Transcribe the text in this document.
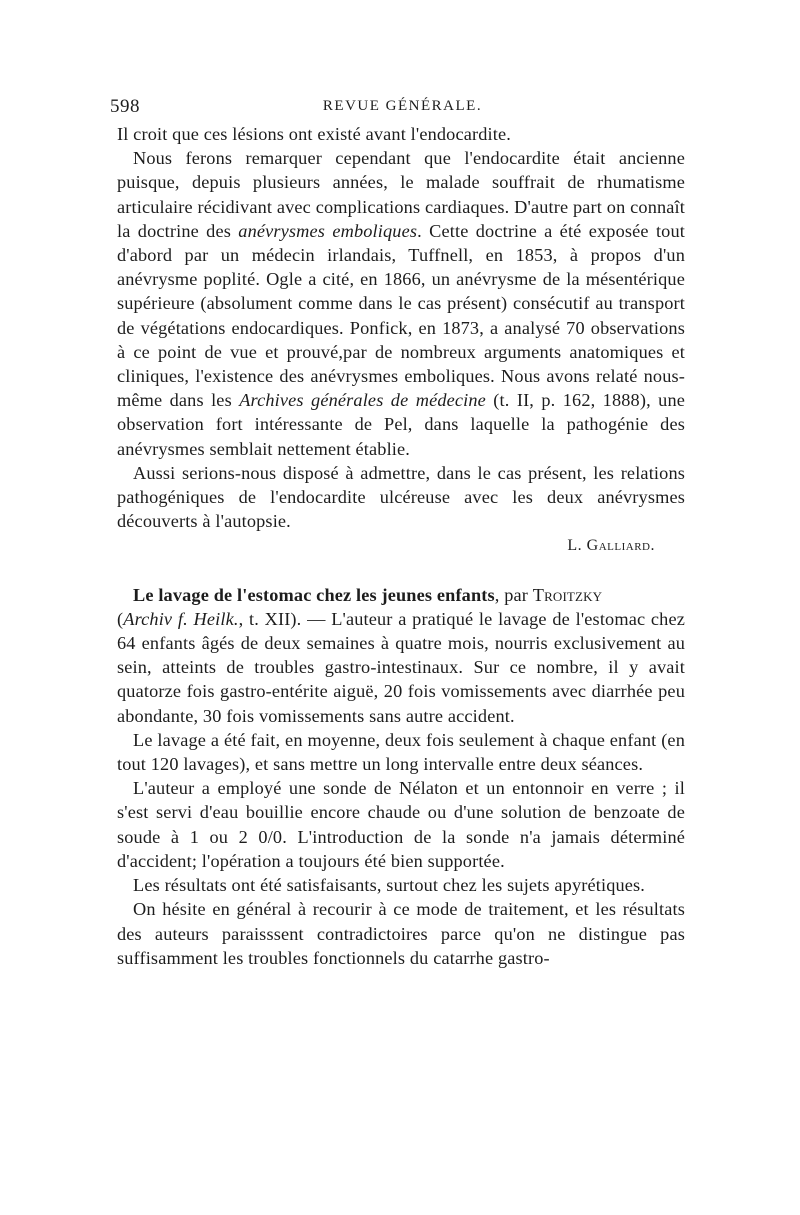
598	REVUE GÉNÉRALE.

Il croit que ces lésions ont existé avant l'endocardite.

Nous ferons remarquer cependant que l'endocardite était ancienne puisque, depuis plusieurs années, le malade souffrait de rhumatisme articulaire récidivant avec complications cardiaques. D'autre part on connaît la doctrine des anévrysmes emboliques. Cette doctrine a été exposée tout d'abord par un médecin irlandais, Tuffnell, en 1853, à propos d'un anévrysme poplité. Ogle a cité, en 1866, un anévrysme de la mésentérique supérieure (absolument comme dans le cas présent) consécutif au transport de végétations endocardiques. Ponfick, en 1873, a analysé 70 observations à ce point de vue et prouvé,par de nombreux arguments anatomiques et cliniques, l'existence des anévrysmes emboliques. Nous avons relaté nous-même dans les Archives générales de médecine (t. II, p. 162, 1888), une observation fort intéressante de Pel, dans laquelle la pathogénie des anévrysmes semblait nettement établie.

Aussi serions-nous disposé à admettre, dans le cas présent, les relations pathogéniques de l'endocardite ulcéreuse avec les deux anévrysmes découverts à l'autopsie.

L. Galliard.

Le lavage de l'estomac chez les jeunes enfants, par Troitzky
(Archiv f. Heilk., t. XII). — L'auteur a pratiqué le lavage de l'estomac chez 64 enfants âgés de deux semaines à quatre mois, nourris exclusivement au sein, atteints de troubles gastro-intestinaux. Sur ce nombre, il y avait quatorze fois gastro-entérite aiguë, 20 fois vomissements avec diarrhée peu abondante, 30 fois vomissements sans autre accident.

Le lavage a été fait, en moyenne, deux fois seulement à chaque enfant (en tout 120 lavages), et sans mettre un long intervalle entre deux séances.

L'auteur a employé une sonde de Nélaton et un entonnoir en verre ; il s'est servi d'eau bouillie encore chaude ou d'une solution de benzoate de soude à 1 ou 2 0/0. L'introduction de la sonde n'a jamais déterminé d'accident; l'opération a toujours été bien supportée.

Les résultats ont été satisfaisants, surtout chez les sujets apyrétiques.

On hésite en général à recourir à ce mode de traitement, et les résultats des auteurs paraisssent contradictoires parce qu'on ne distingue pas suffisamment les troubles fonctionnels du catarrhe gastro-
